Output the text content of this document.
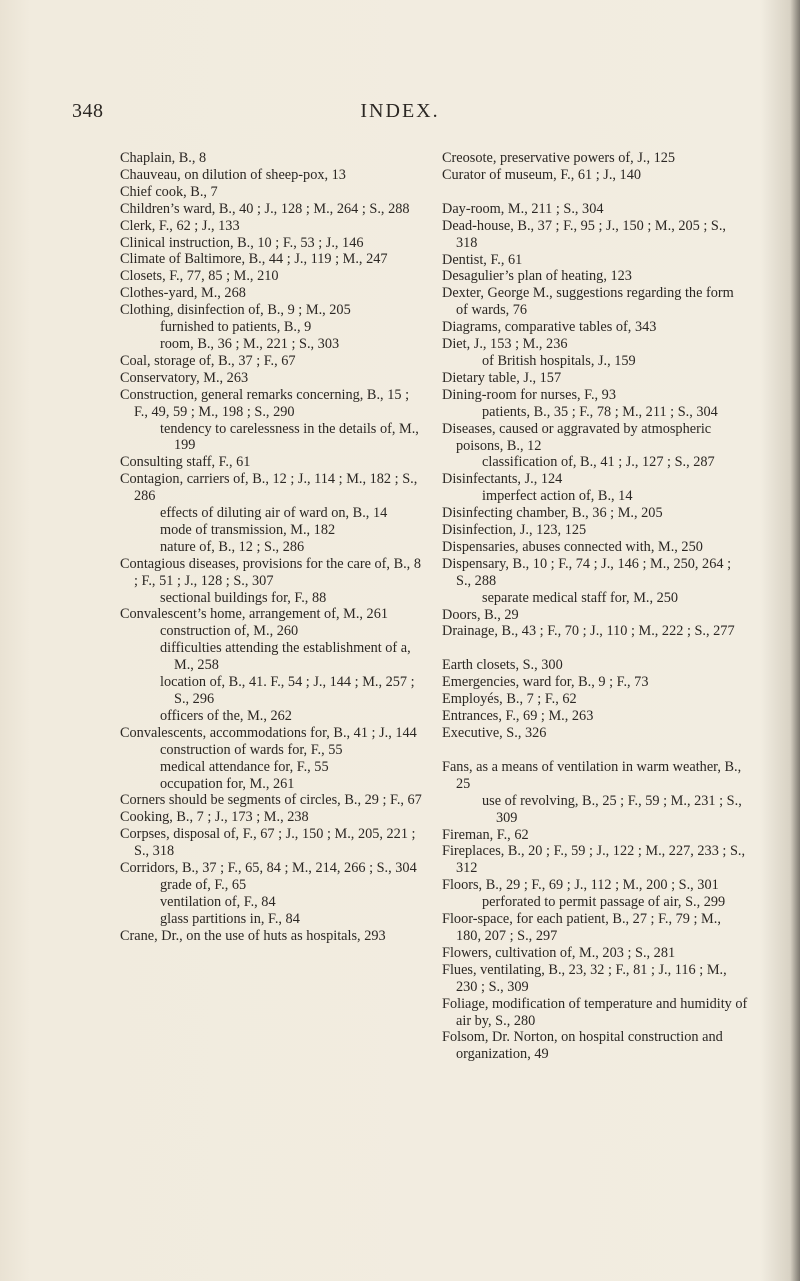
348	INDEX.
Chaplain, B., 8
Chauveau, on dilution of sheep-pox, 13
Chief cook, B., 7
Children’s ward, B., 40 ; J., 128 ; M., 264 ; S., 288
Clerk, F., 62 ; J., 133
Clinical instruction, B., 10 ; F., 53 ; J., 146
Climate of Baltimore, B., 44 ; J., 119 ; M., 247
Closets, F., 77, 85 ; M., 210
Clothes-yard, M., 268
Clothing, disinfection of, B., 9 ; M., 205
furnished to patients, B., 9
room, B., 36 ; M., 221 ; S., 303
Coal, storage of, B., 37 ; F., 67
Conservatory, M., 263
Construction, general remarks concerning, B., 15 ; F., 49, 59 ; M., 198 ; S., 290
tendency to carelessness in the details of, M., 199
Consulting staff, F., 61
Contagion, carriers of, B., 12 ; J., 114 ; M., 182 ; S., 286
effects of diluting air of ward on, B., 14
mode of transmission, M., 182
nature of, B., 12 ; S., 286
Contagious diseases, provisions for the care of, B., 8 ; F., 51 ; J., 128 ; S., 307
sectional buildings for, F., 88
Convalescent’s home, arrangement of, M., 261
construction of, M., 260
difficulties attending the establishment of a, M., 258
location of, B., 41. F., 54 ; J., 144 ; M., 257 ; S., 296
officers of the, M., 262
Convalescents, accommodations for, B., 41 ; J., 144
construction of wards for, F., 55
medical attendance for, F., 55
occupation for, M., 261
Corners should be segments of circles, B., 29 ; F., 67
Cooking, B., 7 ; J., 173 ; M., 238
Corpses, disposal of, F., 67 ; J., 150 ; M., 205, 221 ; S., 318
Corridors, B., 37 ; F., 65, 84 ; M., 214, 266 ; S., 304
grade of, F., 65
ventilation of, F., 84
glass partitions in, F., 84
Crane, Dr., on the use of huts as hospitals, 293
Creosote, preservative powers of, J., 125
Curator of museum, F., 61 ; J., 140
Day-room, M., 211 ; S., 304
Dead-house, B., 37 ; F., 95 ; J., 150 ; M., 205 ; S., 318
Dentist, F., 61
Desagulier’s plan of heating, 123
Dexter, George M., suggestions regarding the form of wards, 76
Diagrams, comparative tables of, 343
Diet, J., 153 ; M., 236
of British hospitals, J., 159
Dietary table, J., 157
Dining-room for nurses, F., 93
patients, B., 35 ; F., 78 ; M., 211 ; S., 304
Diseases, caused or aggravated by atmospheric poisons, B., 12
classification of, B., 41 ; J., 127 ; S., 287
Disinfectants, J., 124
imperfect action of, B., 14
Disinfecting chamber, B., 36 ; M., 205
Disinfection, J., 123, 125
Dispensaries, abuses connected with, M., 250
Dispensary, B., 10 ; F., 74 ; J., 146 ; M., 250, 264 ; S., 288
separate medical staff for, M., 250
Doors, B., 29
Drainage, B., 43 ; F., 70 ; J., 110 ; M., 222 ; S., 277
Earth closets, S., 300
Emergencies, ward for, B., 9 ; F., 73
Employés, B., 7 ; F., 62
Entrances, F., 69 ; M., 263
Executive, S., 326
Fans, as a means of ventilation in warm weather, B., 25
use of revolving, B., 25 ; F., 59 ; M., 231 ; S., 309
Fireman, F., 62
Fireplaces, B., 20 ; F., 59 ; J., 122 ; M., 227, 233 ; S., 312
Floors, B., 29 ; F., 69 ; J., 112 ; M., 200 ; S., 301
perforated to permit passage of air, S., 299
Floor-space, for each patient, B., 27 ; F., 79 ; M., 180, 207 ; S., 297
Flowers, cultivation of, M., 203 ; S., 281
Flues, ventilating, B., 23, 32 ; F., 81 ; J., 116 ; M., 230 ; S., 309
Foliage, modification of temperature and humidity of air by, S., 280
Folsom, Dr. Norton, on hospital construction and organization, 49
